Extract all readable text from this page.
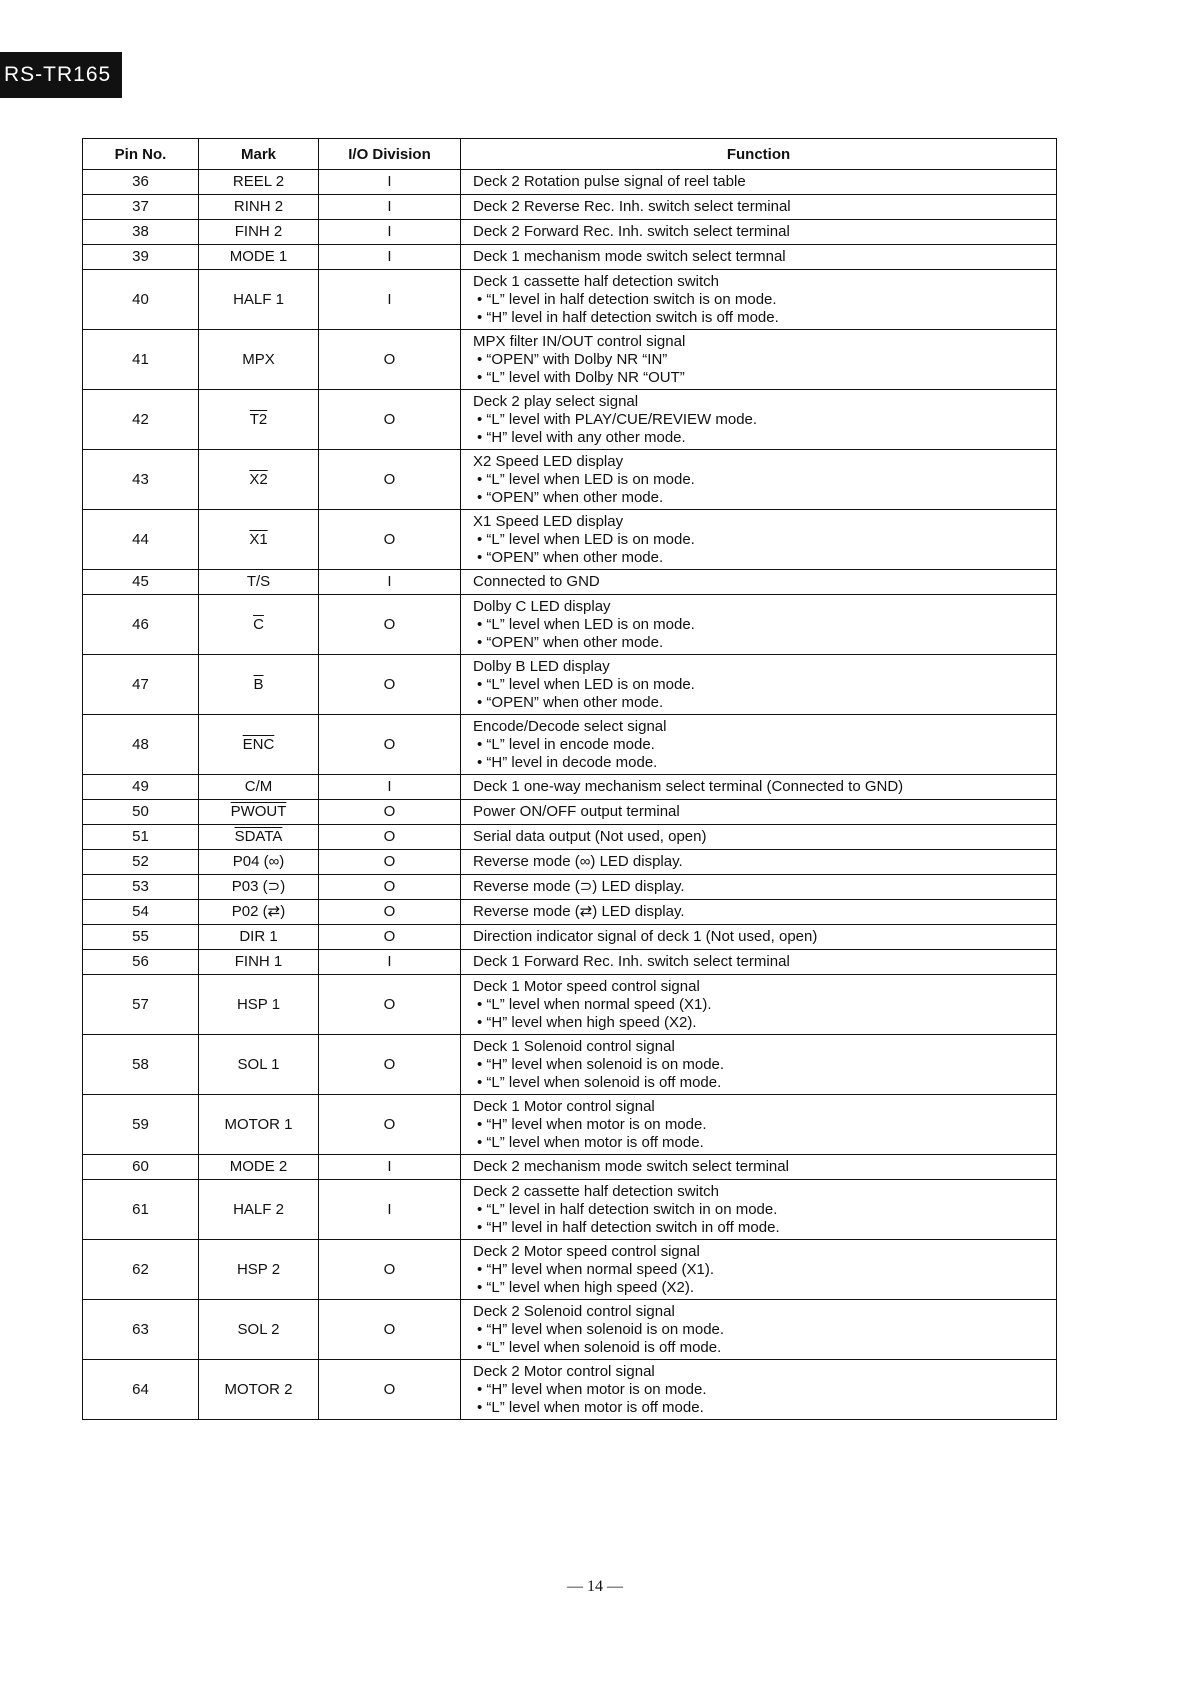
RS-TR165
Pin No.	Mark	I/O Division	Function
36	REEL 2	I	Deck 2 Rotation pulse signal of reel table
37	RINH 2	I	Deck 2 Reverse Rec. Inh. switch select terminal
38	FINH 2	I	Deck 2 Forward Rec. Inh. switch select terminal
39	MODE 1	I	Deck 1 mechanism mode switch select termnal
40	HALF 1	I	Deck 1 cassette half detection switch
• “L” level in half detection switch is on mode.
• “H” level in half detection switch is off mode.

41	MPX	O	MPX filter IN/OUT control signal
• “OPEN” with Dolby NR “IN”
• “L” level with Dolby NR “OUT”

42	T2	O	Deck 2 play select signal
• “L” level with PLAY/CUE/REVIEW mode.
• “H” level with any other mode.

43	X2	O	X2 Speed LED display
• “L” level when LED is on mode.
• “OPEN” when other mode.

44	X1	O	X1 Speed LED display
• “L” level when LED is on mode.
• “OPEN” when other mode.

45	T/S	I	Connected to GND
46	$\overline{C}$	O	Dolby C LED display
• “L” level when LED is on mode.
• “OPEN” when other mode.

47	$\overline{B}$	O	Dolby B LED display
• “L” level when LED is on mode.
• “OPEN” when other mode.

48	$\overline{ENC}$	O	Encode/Decode select signal
• “L” level in encode mode.
• “H” level in decode mode.

49	C/M	I	Deck 1 one-way mechanism select terminal (Connected to GND)
50	PWOUT	O	Power ON/OFF output terminal
51	SDATA	O	Serial data output (Not used, open)
52	P04 (∞)	O	Reverse mode (∞) LED display.
53	P03 (⊃)	O	Reverse mode (⊃) LED display.
54	P02 (⇄)	O	Reverse mode (⇄) LED display.
55	DIR 1	O	Direction indicator signal of deck 1 (Not used, open)
56	FINH 1	I	Deck 1 Forward Rec. Inh. switch select terminal
57	HSP 1	O	Deck 1 Motor speed control signal
• “L” level when normal speed (X1).
• “H” level when high speed (X2).

58	SOL 1	O	Deck 1 Solenoid control signal
• “H” level when solenoid is on mode.
• “L” level when solenoid is off mode.

59	MOTOR 1	O	Deck 1 Motor control signal
• “H” level when motor is on mode.
• “L” level when motor is off mode.

60	MODE 2	I	Deck 2 mechanism mode switch select terminal
61	HALF 2	I	Deck 2 cassette half detection switch
• “L” level in half detection switch in on mode.
• “H” level in half detection switch in off mode.

62	HSP 2	O	Deck 2 Motor speed control signal
• “H” level when normal speed (X1).
• “L” level when high speed (X2).

63	SOL 2	O	Deck 2 Solenoid control signal
• “H” level when solenoid is on mode.
• “L” level when solenoid is off mode.

64	MOTOR 2	O	Deck 2 Motor control signal
• “H” level when motor is on mode.
• “L” level when motor is off mode.
— 14 —
